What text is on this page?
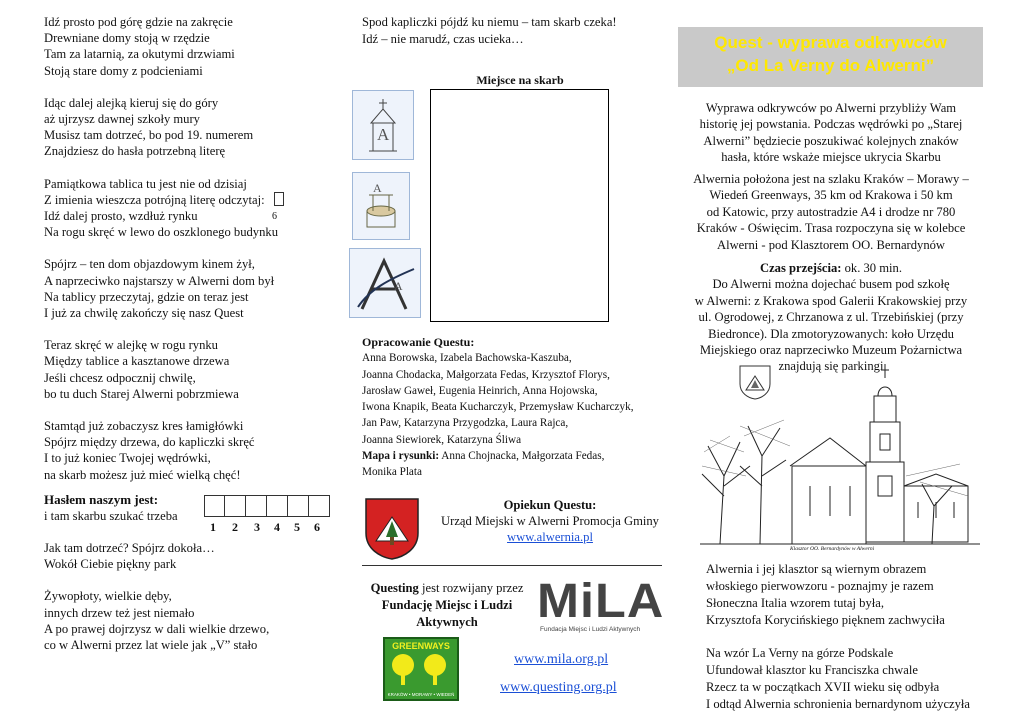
Idź prosto pod górę gdzie na zakręcie

Drewniane domy stoją w rzędzie

Tam za latarnią, za okutymi drzwiami

Stoją stare domy z podcieniami

Idąc dalej alejką kieruj się do góry

aż ujrzysz dawnej szkoły mury

Musisz tam dotrzeć, bo pod 19. numerem

Znajdziesz do hasła potrzebną literę

Pamiątkowa tablica tu jest nie od dzisiaj

Z imienia wieszcza potrójną literę odczytaj:

Idź dalej prosto, wzdłuż rynku	6

Na rogu skręć w lewo do oszklonego budynku

Spójrz – ten dom objazdowym kinem żył,

A naprzeciwko najstarszy w Alwerni dom był

Na tablicy przeczytaj, gdzie on teraz jest

I już za chwilę zakończy się nasz Quest

Teraz skręć w alejkę w rogu rynku

Między tablice a kasztanowe drzewa

Jeśli chcesz odpocznij chwilę,

bo tu duch Starej Alwerni pobrzmiewa

Stamtąd już zobaczysz kres łamigłówki

Spójrz między drzewa, do kapliczki skręć

I to już koniec Twojej wędrówki,

na skarb możesz już mieć wielką chęć!

Hasłem naszym jest:
i tam skarbu szukać trzeba
1	2	3	4	5	6

Jak tam dotrzeć? Spójrz dokoła…

Wokół Ciebie piękny park

Żywopłoty, wielkie dęby,

innych drzew też jest niemało

A po prawej dojrzysz w dali wielkie drzewo,

co w Alwerni przez lat wiele jak „V” stało

Spod kapliczki pójdź ku niemu – tam skarb czeka!
Idź – nie marudź, czas ucieka…
Miejsce na skarb
A
A
A
Opracowanie Questu:
Anna Borowska, Izabela Bachowska-Kaszuba,
Joanna Chodacka, Małgorzata Fedas, Krzysztof Florys,
Jarosław Gaweł, Eugenia Heinrich, Anna Hojowska,
Iwona Knapik, Beata Kucharczyk, Przemysław Kucharczyk,
Jan Paw, Katarzyna Przygodzka, Laura Rajca,
Joanna Siewiorek, Katarzyna Śliwa
Mapa i rysunki: Anna Chojnacka, Małgorzata Fedas,
Monika Plata
Opiekun Questu:
Urząd Miejski w Alwerni Promocja Gminy
www.alwernia.pl
Questing jest rozwijany przez
Fundację Miejsc i Ludzi
Aktywnych	MiLA
Fundacja Miejsc i Ludzi Aktywnych
GREENWAYS
KRAKÓW • MORAWY • WIEDEŃ
www.mila.org.pl
www.questing.org.pl
Quest - wyprawa odkrywców
„Od La Verny do Alwerni”
Wyprawa odkrywców po Alwerni przybliży Wam
historię jej powstania. Podczas wędrówki po „Starej
Alwerni” będziecie poszukiwać kolejnych znaków
hasła, które wskaże miejsce ukrycia Skarbu
Alwernia położona jest na szlaku Kraków – Morawy –
Wiedeń Greenways, 35 km od Krakowa i 50 km
od Katowic, przy autostradzie A4 i drodze nr 780
Kraków - Oświęcim. Trasa rozpoczyna się w kolebce
Alwerni - pod Klasztorem OO. Bernardynów
Czas przejścia: ok. 30 min.
Do Alwerni można dojechać busem pod szkołę
w Alwerni: z Krakowa spod Galerii Krakowskiej przy
ul. Ogrodowej, z Chrzanowa z ul. Trzebińskiej (przy
Biedronce). Dla zmotoryzowanych: koło Urzędu
Miejskiego oraz naprzeciwko Muzeum Pożarnictwa
znajdują się parkingi
Klasztor OO. Bernardynów w Alwerni
Alwernia i jej klasztor są wiernym obrazem
włoskiego pierwowzoru - poznajmy je razem
Słoneczna Italia wzorem tutaj była,
Krzysztofa Korycińskiego pięknem zachwyciła
Na wzór La Verny na górze Podskale
Ufundował klasztor ku Franciszka chwale
Rzecz ta w początkach XVII wieku się odbyła
I odtąd Alwernia schronienia bernardynom użyczyła
